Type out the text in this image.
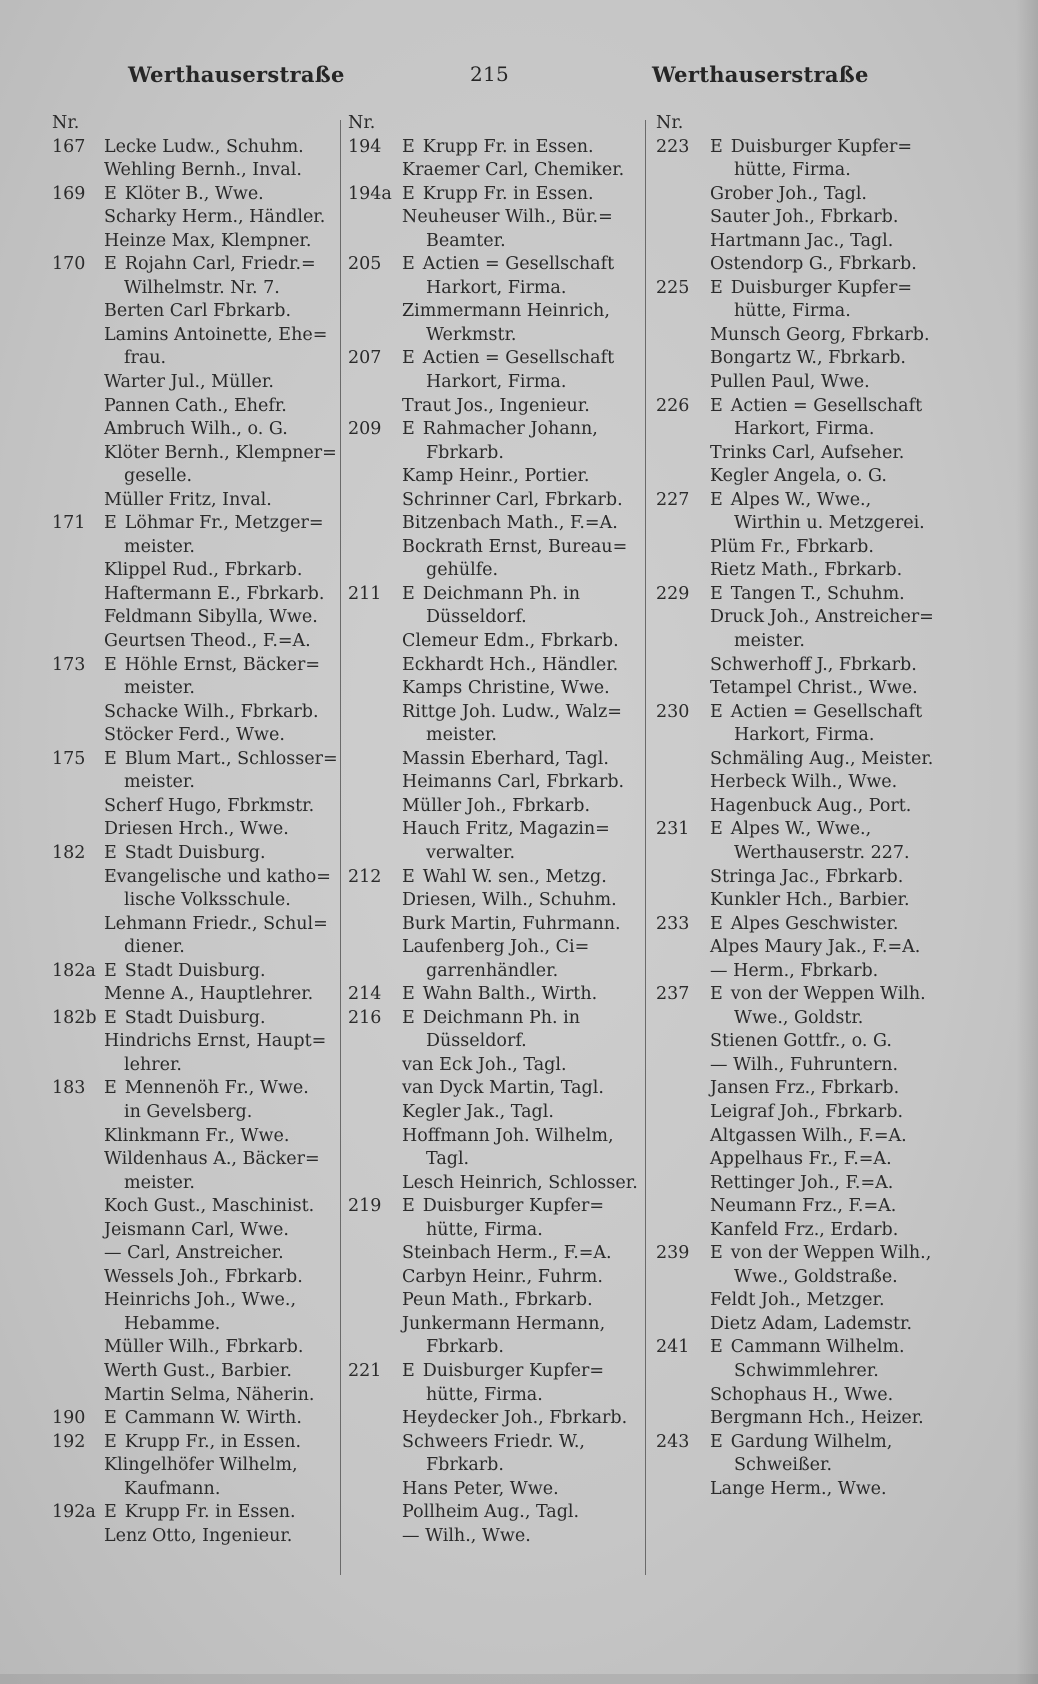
Werthauserstraße	215	Werthauserstraße
Nr.
167 Lecke Ludw., Schuhm.
Wehling Bernh., Inval.
169 E Klöter B., Wwe.
Scharky Herm., Händler.
Heinze Max, Klempner.
170 E Rojahn Carl, Friedr.=
Wilhelmstr. Nr. 7.
Berten Carl Fbrkarb.
Lamins Antoinette, Ehe=
frau.
Warter Jul., Müller.
Pannen Cath., Ehefr.
Ambruch Wilh., o. G.
Klöter Bernh., Klempner=
geselle.
Müller Fritz, Inval.
171 E Löhmar Fr., Metzger=
meister.
Klippel Rud., Fbrkarb.
Haftermann E., Fbrkarb.
Feldmann Sibylla, Wwe.
Geurtsen Theod., F.=A.
173 E Höhle Ernst, Bäcker=
meister.
Schacke Wilh., Fbrkarb.
Stöcker Ferd., Wwe.
175 E Blum Mart., Schlosser=
meister.
Scherf Hugo, Fbrkmstr.
Driesen Hrch., Wwe.
182 E Stadt Duisburg.
Evangelische und katho=
lische Volksschule.
Lehmann Friedr., Schul=
diener.
182a E Stadt Duisburg.
Menne A., Hauptlehrer.
182b E Stadt Duisburg.
Hindrichs Ernst, Haupt=
lehrer.
183 E Mennenöh Fr., Wwe.
in Gevelsberg.
Klinkmann Fr., Wwe.
Wildenhaus A., Bäcker=
meister.
Koch Gust., Maschinist.
Jeismann Carl, Wwe.
— Carl, Anstreicher.
Wessels Joh., Fbrkarb.
Heinrichs Joh., Wwe.,
Hebamme.
Müller Wilh., Fbrkarb.
Werth Gust., Barbier.
Martin Selma, Näherin.
190 E Cammann W. Wirth.
192 E Krupp Fr., in Essen.
Klingelhöfer Wilhelm,
Kaufmann.
192a E Krupp Fr. in Essen.
Lenz Otto, Ingenieur.
Nr.
194 E Krupp Fr. in Essen.
Kraemer Carl, Chemiker.
194a E Krupp Fr. in Essen.
Neuheuser Wilh., Bür.=
Beamter.
205 E Actien = Gesellschaft
Harkort, Firma.
Zimmermann Heinrich,
Werkmstr.
207 E Actien = Gesellschaft
Harkort, Firma.
Traut Jos., Ingenieur.
209 E Rahmacher Johann,
Fbrkarb.
Kamp Heinr., Portier.
Schrinner Carl, Fbrkarb.
Bitzenbach Math., F.=A.
Bockrath Ernst, Bureau=
gehülfe.
211 E Deichmann Ph. in
Düsseldorf.
Clemeur Edm., Fbrkarb.
Eckhardt Hch., Händler.
Kamps Christine, Wwe.
Rittge Joh. Ludw., Walz=
meister.
Massin Eberhard, Tagl.
Heimanns Carl, Fbrkarb.
Müller Joh., Fbrkarb.
Hauch Fritz, Magazin=
verwalter.
212 E Wahl W. sen., Metzg.
Driesen, Wilh., Schuhm.
Burk Martin, Fuhrmann.
Laufenberg Joh., Ci=
garrenhändler.
214 E Wahn Balth., Wirth.
216 E Deichmann Ph. in
Düsseldorf.
van Eck Joh., Tagl.
van Dyck Martin, Tagl.
Kegler Jak., Tagl.
Hoffmann Joh. Wilhelm,
Tagl.
Lesch Heinrich, Schlosser.
219 E Duisburger Kupfer=
hütte, Firma.
Steinbach Herm., F.=A.
Carbyn Heinr., Fuhrm.
Peun Math., Fbrkarb.
Junkermann Hermann,
Fbrkarb.
221 E Duisburger Kupfer=
hütte, Firma.
Heydecker Joh., Fbrkarb.
Schweers Friedr. W.,
Fbrkarb.
Hans Peter, Wwe.
Pollheim Aug., Tagl.
— Wilh., Wwe.
Nr.
223 E Duisburger Kupfer=
hütte, Firma.
Grober Joh., Tagl.
Sauter Joh., Fbrkarb.
Hartmann Jac., Tagl.
Ostendorp G., Fbrkarb.
225 E Duisburger Kupfer=
hütte, Firma.
Munsch Georg, Fbrkarb.
Bongartz W., Fbrkarb.
Pullen Paul, Wwe.
226 E Actien = Gesellschaft
Harkort, Firma.
Trinks Carl, Aufseher.
Kegler Angela, o. G.
227 E Alpes W., Wwe.,
Wirthin u. Metzgerei.
Plüm Fr., Fbrkarb.
Rietz Math., Fbrkarb.
229 E Tangen T., Schuhm.
Druck Joh., Anstreicher=
meister.
Schwerhoff J., Fbrkarb.
Tetampel Christ., Wwe.
230 E Actien = Gesellschaft
Harkort, Firma.
Schmäling Aug., Meister.
Herbeck Wilh., Wwe.
Hagenbuck Aug., Port.
231 E Alpes W., Wwe.,
Werthauserstr. 227.
Stringa Jac., Fbrkarb.
Kunkler Hch., Barbier.
233 E Alpes Geschwister.
Alpes Maury Jak., F.=A.
— Herm., Fbrkarb.
237 E von der Weppen Wilh.
Wwe., Goldstr.
Stienen Gottfr., o. G.
— Wilh., Fuhruntern.
Jansen Frz., Fbrkarb.
Leigraf Joh., Fbrkarb.
Altgassen Wilh., F.=A.
Appelhaus Fr., F.=A.
Rettinger Joh., F.=A.
Neumann Frz., F.=A.
Kanfeld Frz., Erdarb.
239 E von der Weppen Wilh.,
Wwe., Goldstraße.
Feldt Joh., Metzger.
Dietz Adam, Lademstr.
241 E Cammann Wilhelm.
Schwimmlehrer.
Schophaus H., Wwe.
Bergmann Hch., Heizer.
243 E Gardung Wilhelm,
Schweißer.
Lange Herm., Wwe.
